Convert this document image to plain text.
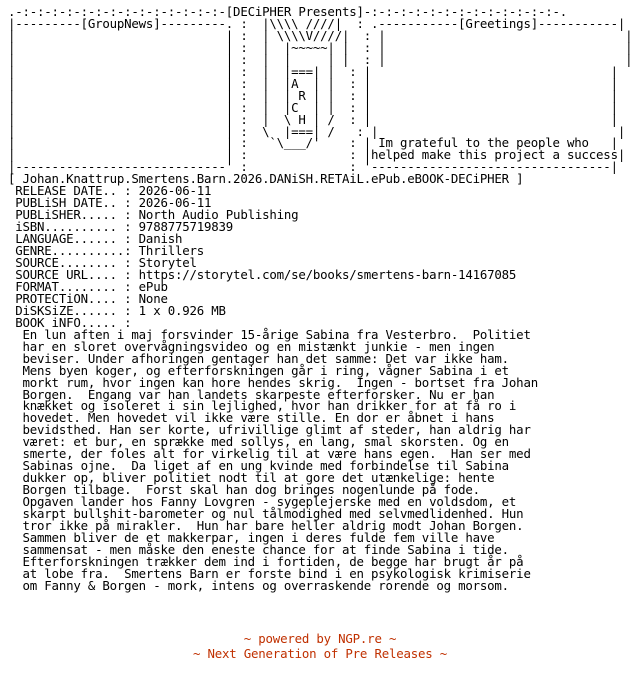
.-:-:-:-:-:-:-:-:-:-:-:-:-:-:-[DECiPHER Presents]-:-:-:-:-:-:-:-:-:-:-:-:-:-.
|---------[GroupNews]---------. :  |\\\\ ////|  : .-----------[Greetings]-----------|
|                             | :  | \\\\V////|  : |                                 |
|                             | :  |  |~~~~~| |  : |                                 |
|                             | :  |  |     | |  : |                                 |
|                             | :  |  |===| |  : |                                 |
|                             | :  |  |A  | |  : |                                 |
|                             | :  |  | R | |  : |                                 |
|                             | :  |  |C  | |  : |                                 |
|                             | :  |  \ H | /  : |                                 |
|                             | :  \  |===| /   : |                                 |
|                             | :   `\___/'    : | Im grateful to the people who   |
|                             | :              : |helped make this project a success|
|-----------------------------' :              : '---------------------------------|
[ Johan.Knattrup.Smertens.Barn.2026.DANiSH.RETAiL.ePub.eBOOK-DECiPHER ]
RELEASE DATE.. : 2026-06-11
PUBLiSH DATE.. : 2026-06-11
PUBLiSHER..... : North Audio Publishing
iSBN.......... : 9788775719839
LANGUAGE...... : Danish
GENRE..........: Thrillers
SOURCE........ : Storytel
SOURCE URL.... : https://storytel.com/se/books/smertens-barn-14167085
FORMAT........ : ePub
PROTECTiON.... : None
DiSKSiZE...... : 1 x 0.926 MB
BOOK iNFO..... :
En lun aften i maj forsvinder 15-årige Sabina fra Vesterbro.  Politiet
har en sloret overvågningsvideo og en mistænkt junkie - men ingen
beviser. Under afhoringen gentager han det samme: Det var ikke ham.
Mens byen koger, og efterforskningen går i ring, vågner Sabina i et
morkt rum, hvor ingen kan hore hendes skrig.  Ingen - bortset fra Johan
Borgen.  Engang var han landets skarpeste efterforsker. Nu er han
knækket og isoleret i sin lejlighed, hvor han drikker for at få ro i
hovedet. Men hovedet vil ikke være stille. En dor er åbnet i hans
bevidsthed. Han ser korte, ufrivillige glimt af steder, han aldrig har
været: et bur, en sprække med sollys, en lang, smal skorsten. Og en
smerte, der foles alt for virkelig til at være hans egen.  Han ser med
Sabinas ojne.  Da liget af en ung kvinde med forbindelse til Sabina
dukker op, bliver politiet nodt til at gore det utænkelige: hente
Borgen tilbage.  Forst skal han dog bringes nogenlunde på fode.
Opgaven lander hos Fanny Lovgren - sygeplejerske med en voldsdom, et
skarpt bullshit-barometer og nul tålmodighed med selvmedlidenhed. Hun
tror ikke på mirakler.  Hun har bare heller aldrig modt Johan Borgen.
Sammen bliver de et makkerpar, ingen i deres fulde fem ville have
sammensat - men måske den eneste chance for at finde Sabina i tide.
Efterforskningen trækker dem ind i fortiden, de begge har brugt år på
at lobe fra.  Smertens Barn er forste bind i en psykologisk krimiserie
om Fanny & Borgen - mork, intens og overraskende rorende og morsom.
~ powered by NGP.re ~
~ Next Generation of Pre Releases ~
